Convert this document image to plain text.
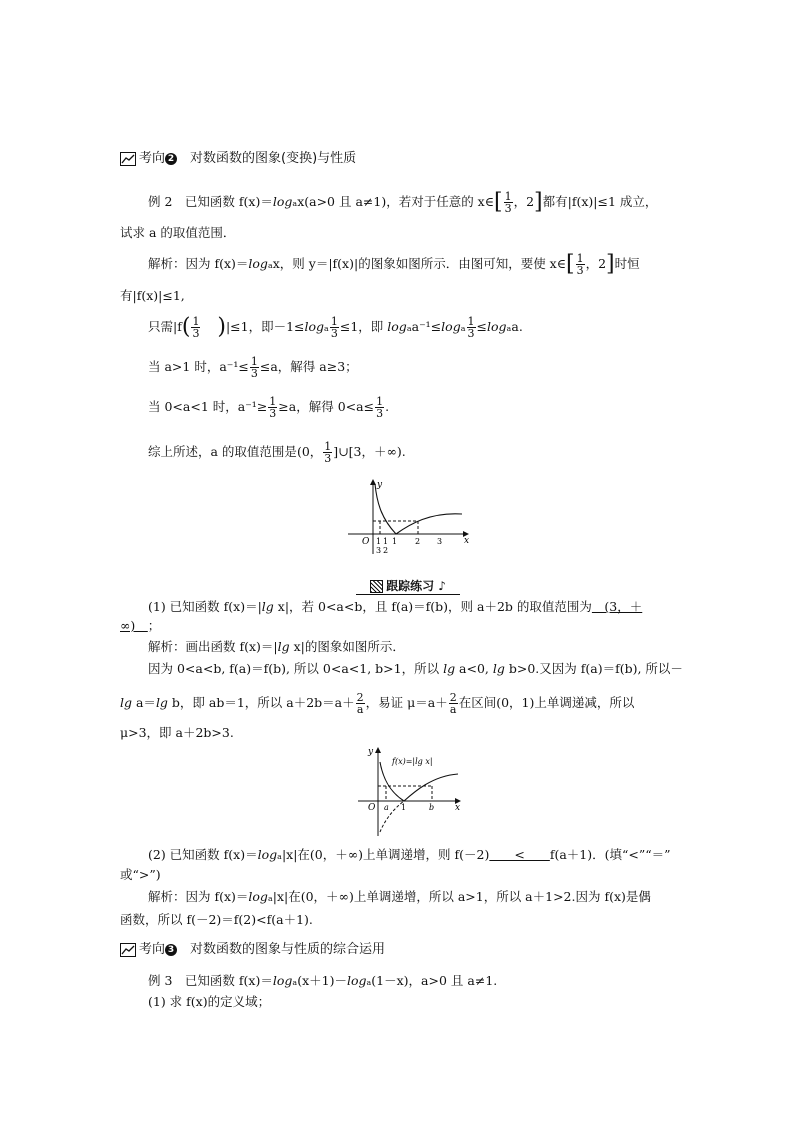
考向 2　 对数函数的图象(变换)与性质
例 2　已知函数 f(x)＝logₐx(a>0 且 a≠1)，若对于任意的 x∈[ $\frac{1}{3}$ ，2]都有|f(x)|≤1 成立，
试求 a 的取值范围．
解析：因为 f(x)＝logₐx，则 y＝|f(x)|的图象如图所示．由图可知，要使 x∈[ $\frac{1}{3}$ ，2]时恒
有|f(x)|≤1,
只需$|f( \frac{1}{3} )|\le 1$，即$-1\le\log_a \frac{1}{3} \le 1$，即 $\log_aa^{-1}\le\log_a \frac{1}{3} \le\log_aa$.
当 a>1 时，$a^{-1}\le \frac{1}{3} \le a$，解得 a≥3；
当 0<a<1 时，$a^{-1}\ge \frac{1}{3} \ge a$，解得 $0<a\le \frac{1}{3}$ .
综上所述，a 的取值范围是(0， $\frac{1}{3}$ ]∪[3，＋∞).
y
x
O 1
3
1
2
1 2 3
跟踪练习 ♪
(1) 已知函数 f(x)＝|lg x|，若 0<a<b，且 f(a)＝f(b)，则 a＋2b 的取值范围为　(3，＋
∞)　；
解析：画出函数 f(x)＝|lg x|的图象如图所示．
因为 0<a<b, f(a)＝f(b), 所以 0<a<1, b>1，所以 lg a<0, lg b>0.又因为 f(a)＝f(b), 所以－
lg a＝lg b，即 ab＝1，所以 $a+2b=a+ \frac{2}{a}$ ，易证 $\mu=a+ \frac{2}{a}$ 在区间(0，1)上单调递减，所以
μ>3，即 a＋2b>3.
y
x
O a 1	b
f(x)=|lg x|
(2) 已知函数 f(x)＝logₐ|x|在(0，＋∞)上单调递增，则 f(－2)　　<　　f(a＋1)．(填“<”“＝”
或“>”)
解析：因为 f(x)＝logₐ|x|在(0，＋∞)上单调递增，所以 a>1，所以 a＋1>2.因为 f(x)是偶
函数，所以 f(－2)＝f(2)<f(a＋1).
考向 3　 对数函数的图象与性质的综合运用
例 3　已知函数 f(x)＝logₐ(x＋1)－logₐ(1－x)，a>0 且 a≠1.
(1) 求 f(x)的定义域；
